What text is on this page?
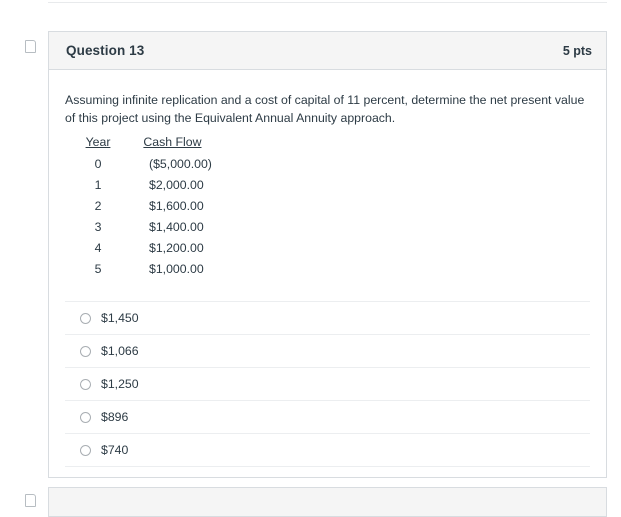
Question 13	5 pts

Assuming infinite replication and a cost of capital of 11 percent, determine the net present value of this project using the Equivalent Annual Annuity approach.

Year	Cash Flow
0	($5,000.00)
1	$2,000.00
2	$1,600.00
3	$1,400.00
4	$1,200.00
5	$1,000.00
$1,450
$1,066
$1,250
$896
$740
